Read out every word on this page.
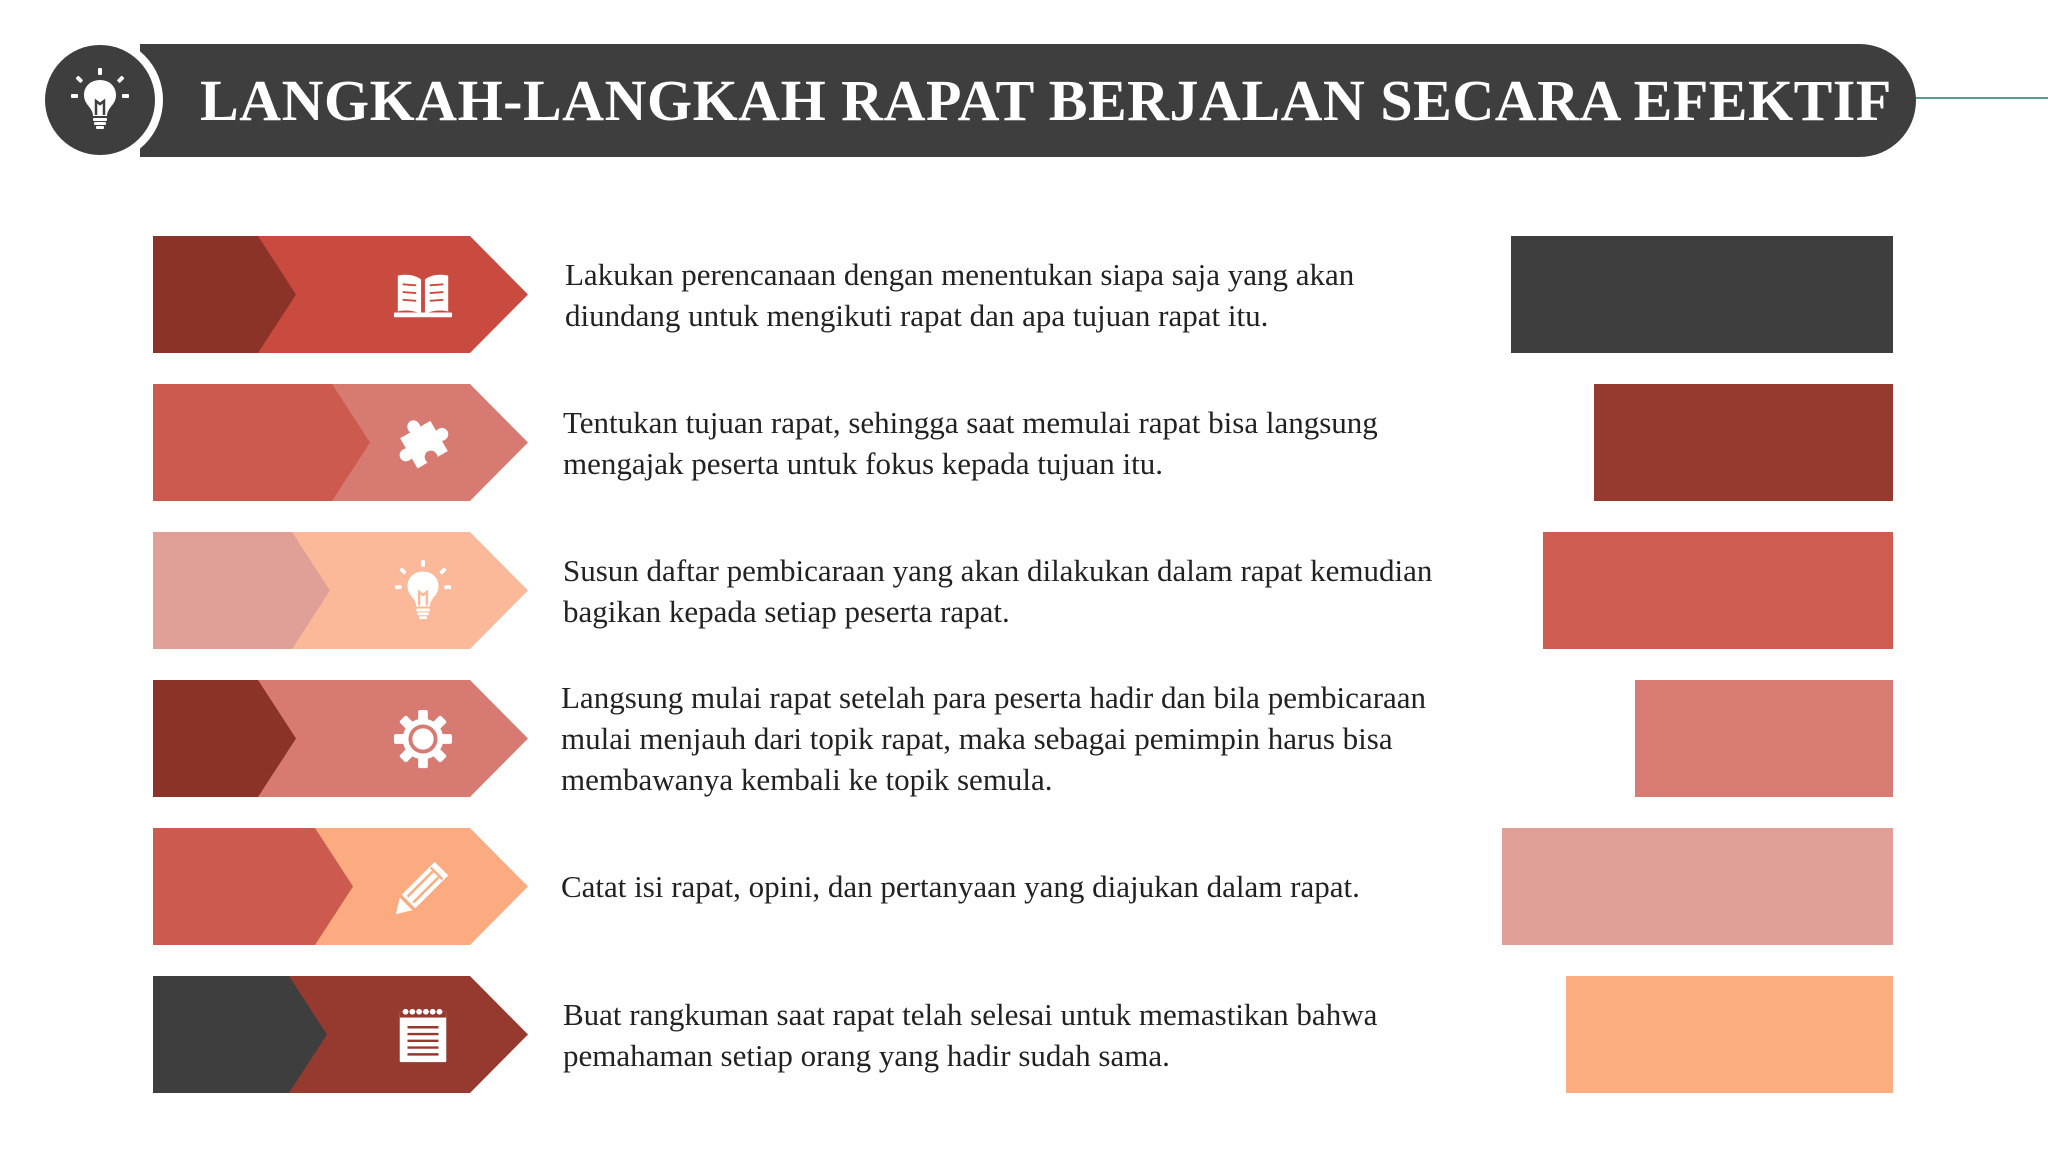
LANGKAH-LANGKAH RAPAT BERJALAN SECARA EFEKTIF
Lakukan perencanaan dengan menentukan siapa saja yang akan diundang untuk mengikuti rapat dan apa tujuan rapat itu.
Tentukan tujuan rapat, sehingga saat memulai rapat bisa langsung mengajak peserta untuk fokus kepada tujuan itu.
Susun daftar pembicaraan yang akan dilakukan dalam rapat kemudian bagikan kepada setiap peserta rapat.
Langsung mulai rapat setelah para peserta hadir dan bila pembicaraan mulai menjauh dari topik rapat, maka sebagai pemimpin harus bisa membawanya kembali ke topik semula.
Catat isi rapat, opini, dan pertanyaan yang diajukan dalam rapat.
Buat rangkuman saat rapat telah selesai untuk memastikan bahwa pemahaman setiap orang yang hadir sudah sama.
